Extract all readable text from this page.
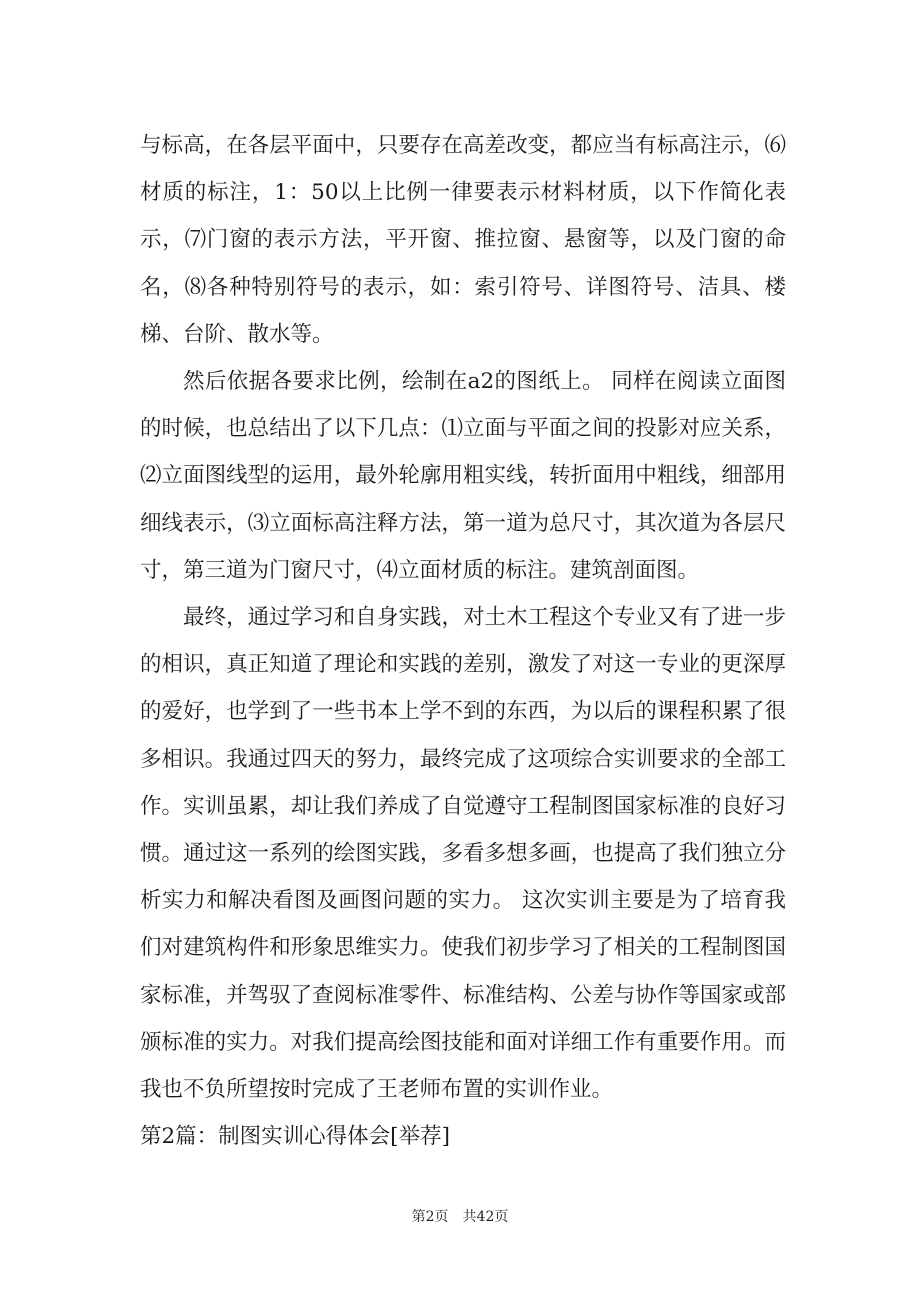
与标高，在各层平面中，只要存在高差改变，都应当有标高注示，⑹材质的标注，1：50以上比例一律要表示材料材质，以下作简化表示，⑺门窗的表示方法，平开窗、推拉窗、悬窗等，以及门窗的命名，⑻各种特别符号的表示，如：索引符号、详图符号、洁具、楼梯、台阶、散水等。

然后依据各要求比例，绘制在a2的图纸上。 同样在阅读立面图的时候，也总结出了以下几点：⑴立面与平面之间的投影对应关系，⑵立面图线型的运用，最外轮廓用粗实线，转折面用中粗线，细部用细线表示，⑶立面标高注释方法，第一道为总尺寸，其次道为各层尺寸，第三道为门窗尺寸，⑷立面材质的标注。建筑剖面图。

最终，通过学习和自身实践，对土木工程这个专业又有了进一步的相识，真正知道了理论和实践的差别，激发了对这一专业的更深厚的爱好，也学到了一些书本上学不到的东西，为以后的课程积累了很多相识。我通过四天的努力，最终完成了这项综合实训要求的全部工作。实训虽累，却让我们养成了自觉遵守工程制图国家标准的良好习惯。通过这一系列的绘图实践，多看多想多画，也提高了我们独立分析实力和解决看图及画图问题的实力。 这次实训主要是为了培育我们对建筑构件和形象思维实力。使我们初步学习了相关的工程制图国家标准，并驾驭了查阅标准零件、标准结构、公差与协作等国家或部颁标准的实力。对我们提高绘图技能和面对详细工作有重要作用。而我也不负所望按时完成了王老师布置的实训作业。

第2篇：制图实训心得体会[举荐]

第2页　共42页
